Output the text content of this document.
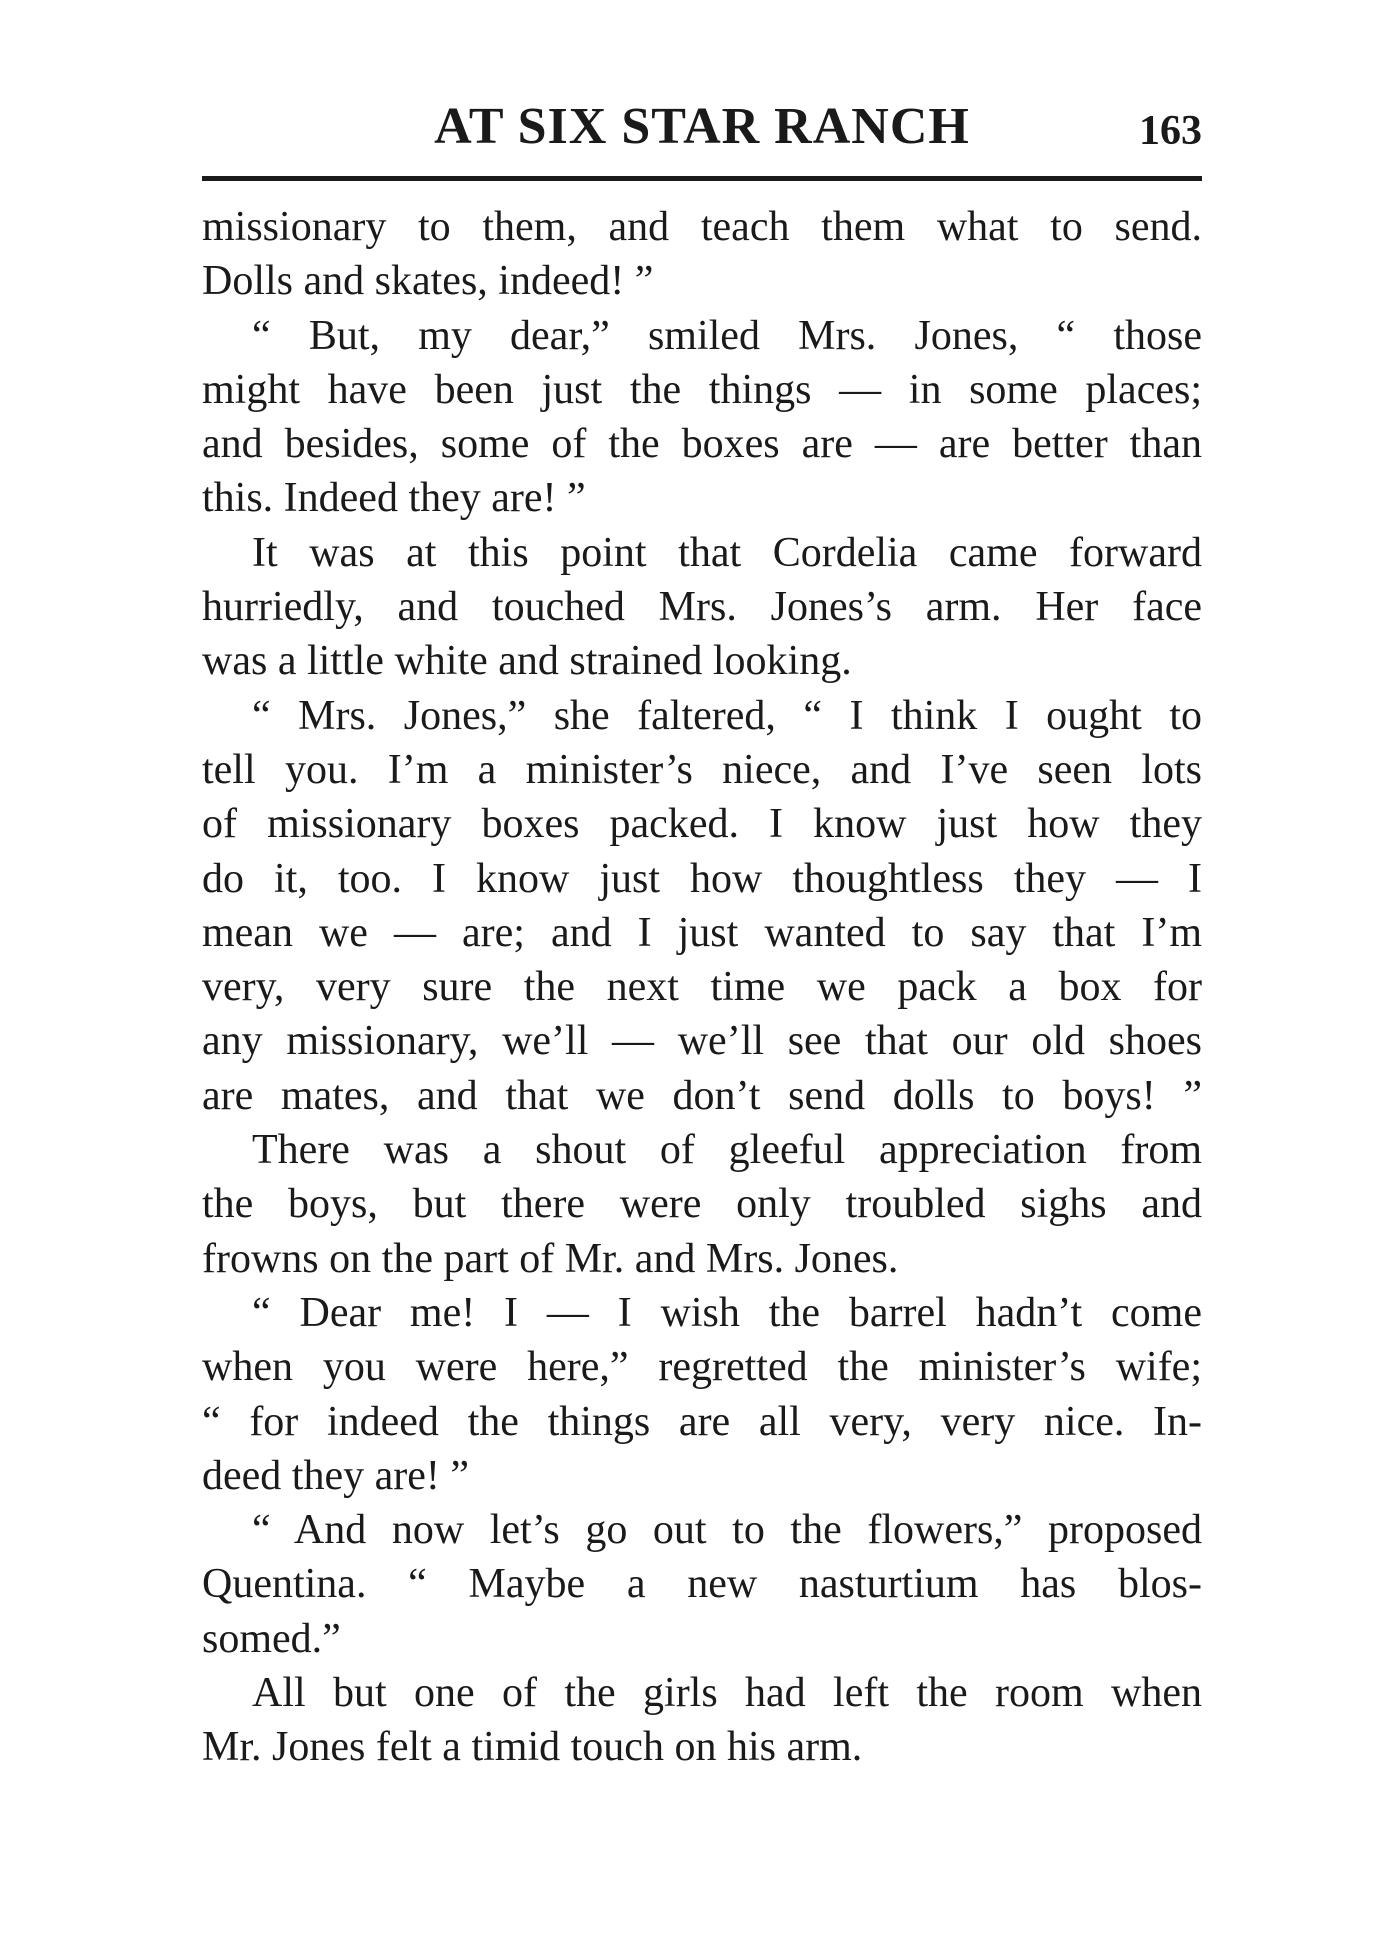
AT SIX STAR RANCH	163
missionary to them, and teach them what to send.
Dolls and skates, indeed! ”
“ But, my dear,” smiled Mrs. Jones, “ those
might have been just the things — in some places;
and besides, some of the boxes are — are better than
this. Indeed they are! ”
It was at this point that Cordelia came forward
hurriedly, and touched Mrs. Jones’s arm. Her face
was a little white and strained looking.
“ Mrs. Jones,” she faltered, “ I think I ought to
tell you. I’m a minister’s niece, and I’ve seen lots
of missionary boxes packed. I know just how they
do it, too. I know just how thoughtless they — I
mean we — are; and I just wanted to say that I’m
very, very sure the next time we pack a box for
any missionary, we’ll — we’ll see that our old shoes
are mates, and that we don’t send dolls to boys! ”
There was a shout of gleeful appreciation from
the boys, but there were only troubled sighs and
frowns on the part of Mr. and Mrs. Jones.
“ Dear me! I — I wish the barrel hadn’t come
when you were here,” regretted the minister’s wife;
“ for indeed the things are all very, very nice. In-
deed they are! ”
“ And now let’s go out to the flowers,” proposed
Quentina. “ Maybe a new nasturtium has blos-
somed.”
All but one of the girls had left the room when
Mr. Jones felt a timid touch on his arm.
